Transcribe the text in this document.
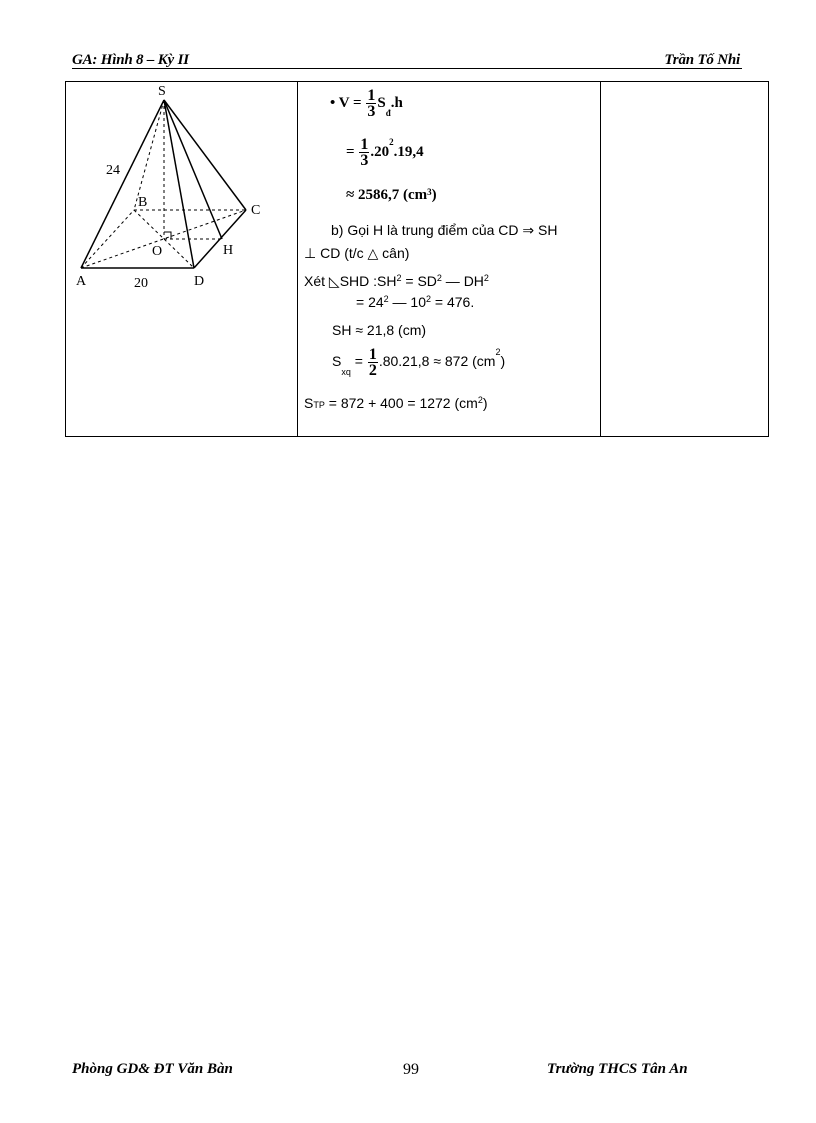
GA: Hình 8 – Kỳ II	Trần Tố Nhi
S
A
B
C
D
O	H
24
20

• $V = \frac{1}{3} S_đ.h$
= $\frac{1}{3} .20^2.19,4$
≈ 2586,7 $(cm^3)$
b) Gọi H là trung điểm của CD ⇒ SH
⊥ CD (t/c △ cân)
Xét ◺SHD $:SH^2 = SD^2$ — $DH^2$
= $24^2$ — $10^2 = 476$.
SH ≈ 21,8 (cm)
$S_{xq} = \frac{1}{2} .80.21,8 \approx 872$ $(cm^2)$
$S_{TP} = 872 + 400 = 1272$ $(cm^2)$

Phòng GD& ĐT Văn Bàn	99	Trường THCS Tân An
